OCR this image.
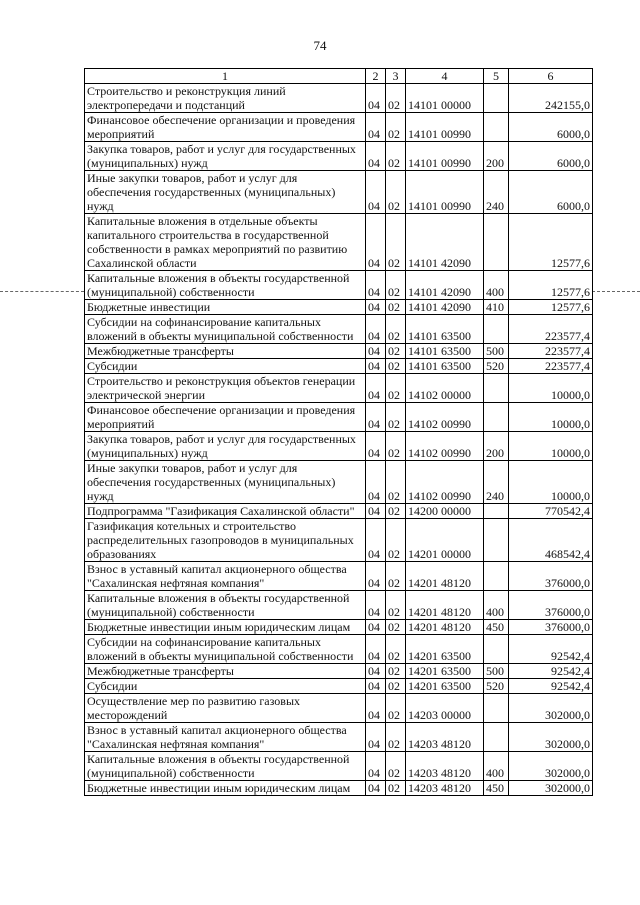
74
1	2	3	4	5	6
Строительство и реконструкция линий электропередачи и подстанций	04	02	14101 00000		242155,0
Финансовое обеспечение организации и проведения мероприятий	04	02	14101 00990		6000,0
Закупка товаров, работ и услуг для государственных (муниципальных) нужд	04	02	14101 00990	200	6000,0
Иные закупки товаров, работ и услуг для обеспечения государственных (муниципальных) нужд	04	02	14101 00990	240	6000,0
Капитальные вложения в отдельные объекты капитального строительства в государственной собственности в рамках мероприятий по развитию Сахалинской области	04	02	14101 42090		12577,6
Капитальные вложения в объекты государственной (муниципальной) собственности	04	02	14101 42090	400	12577,6
Бюджетные инвестиции	04	02	14101 42090	410	12577,6
Субсидии на софинансирование капитальных вложений в объекты муниципальной собственности	04	02	14101 63500		223577,4
Межбюджетные трансферты	04	02	14101 63500	500	223577,4
Субсидии	04	02	14101 63500	520	223577,4
Строительство и реконструкция объектов генерации электрической энергии	04	02	14102 00000		10000,0
Финансовое обеспечение организации и проведения мероприятий	04	02	14102 00990		10000,0
Закупка товаров, работ и услуг для государственных (муниципальных) нужд	04	02	14102 00990	200	10000,0
Иные закупки товаров, работ и услуг для обеспечения государственных (муниципальных) нужд	04	02	14102 00990	240	10000,0
Подпрограмма "Газификация Сахалинской области"	04	02	14200 00000		770542,4
Газификация котельных и строительство распределительных газопроводов в муниципальных образованиях	04	02	14201 00000		468542,4
Взнос в уставный капитал акционерного общества "Сахалинская нефтяная компания"	04	02	14201 48120		376000,0
Капитальные вложения в объекты государственной (муниципальной) собственности	04	02	14201 48120	400	376000,0
Бюджетные инвестиции иным юридическим лицам	04	02	14201 48120	450	376000,0
Субсидии на софинансирование капитальных вложений в объекты муниципальной собственности	04	02	14201 63500		92542,4
Межбюджетные трансферты	04	02	14201 63500	500	92542,4
Субсидии	04	02	14201 63500	520	92542,4
Осуществление мер по развитию газовых месторождений	04	02	14203 00000		302000,0
Взнос в уставный капитал акционерного общества "Сахалинская нефтяная компания"	04	02	14203 48120		302000,0
Капитальные вложения в объекты государственной (муниципальной) собственности	04	02	14203 48120	400	302000,0
Бюджетные инвестиции иным юридическим лицам	04	02	14203 48120	450	302000,0
